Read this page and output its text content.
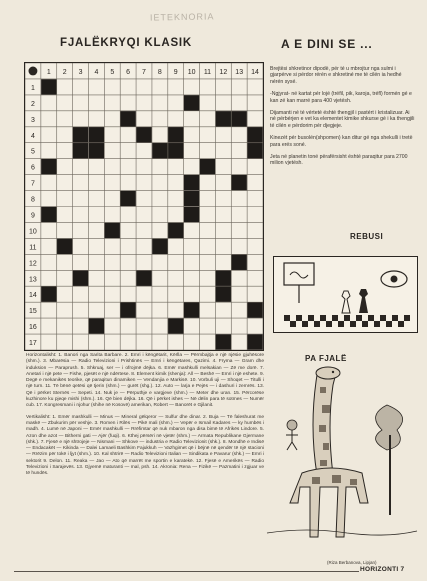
IETEKNORIA
FJALËKRYQI KLASIK	A E DINI SE ...
1 2 3 4 5 6 7 8 9 10 11 12 13 14
1
2
3
4
5
6
7
8
9
10
11
12
13
14
15
16
17

Brejtësi shkretinor dipodë, pér té u mbrojtur nga sulmi i gjarpérve si pérdor rérén e shkretiné me té cilén ia hedhé nérén sysé.

-Ngjyrat- né kartat pér lojé (tréfil, pik, karoja, tréfl) formén gé e kan zé kan marré para 400 vjetésh.

Dijamanti né té vérteté éshté thengjil i pastért i kristalizuar. Ai né pérbérjen e vet ka elementet kimike shkurse gé i ka thengjili té cilén e pérdorim pér djegjeje.

Kinezét pér busolén(shpomen) kan ditur gé nga shekulli i tretë para erés soné.

Jeta né planetin toné përafërsisht éshté paraqitur para 2700 milion vjetésh.

REBUSI
PA FJALË

Horizontalisht: 1. Banori nga Sarita Barbare. 2. Emri i këngëtarit, Kërlla — Përmbajtja e një njësie gjuhësore (shm.). 3. Mbarësia — Radio Televizioni i Prishtinës — Emri i këngëtares, Qazimi. 4. Fryma — Gram dhe induksion — Paraprush. 5. Shkruaj, ser — i ofrojmë dëjka. 6. Emër mashkulli melsakian — Zë me dorë. 7. Anetari i një pete — Fishe, pjesët e një ndërtese. 8. Element kimik (shenja): All — Beshë — Emri i një eshete. 9. Degë e mekanikës teorike, që paraqitun dinamiken — Vendanjia e Markisë. 10. Vorbuli uji — Shoqet — Titulli i një turn. 11. Të bënë qetësi që tjerin (shm.) — gurët (shg.). 12. Auto — larja e Pejës — i dashuri i zemrës. 13. Që i përket Sternës — Sepeti. 14. Nuk je — Përputhje e vargjeve (shm.) — Meter dhe uran. 15. Përcorëse kuzhinore ku pjeqe mishi (shm.). 16. Që bien dëjka. 16. Që i përket ishes — Në dëlin para të sotmes — Numër cub. 17. Kongresmani i njohur (shihe në Kosovë) amerikan, Robert — Banorët e Gjilanit.

Vertikalisht: 1. Emër mashkulli — Minus — Mineral gëlqeror — Sulfur dhe dinar. 2. Buja — Të faleshurat me maskë — Zbukurim për veshje. 3. Romen i Rilës — Pikë mali (shm.) — Vepër e Ismail Kadares — ky humbës i madh. 4. Lumë në Japoni — Emër mashkulli — Rrëfimtar që nuk mbaron nga disa bimë të Afrikës Lindore. 5. Azon dhe azot — Bitherni gati — Ajër (fuqi). 6. Kthej përsëri në vjetër (shm.) — Armata Republikane Gjermane (shk.). 7. Fjesë e një shtrojeje — Nismani — Shkove — industria e Radio Televizionit (shk.). 8. Mondhë e Indisë — Endacakët — Kikinda — Dalei Lamaeli Bashkim Fajukkuh — Vazhgimet që i bëjnë në qendër të një stacioni — Rrëzim për tokë i ljyt (shm.). 10. Kal shtrirë — Radio Televizioni Italian — Sindikata e Pavarur (shk.) — Emri i sektorit 9. Delon. 11. Reaka — Jao — Ato që marrët me sportin e karatekë. 12. Fjesë e Amerikës — Radio Televizioni i Sarajevës. 13. Gjyemë maturanti — mal, psh. 14. Akronia: Rena — Fizikë — Pazmatini i zgjuar ve të hundës.

(Riza Berbanova, Lipjan)
HORIZONTI 7
